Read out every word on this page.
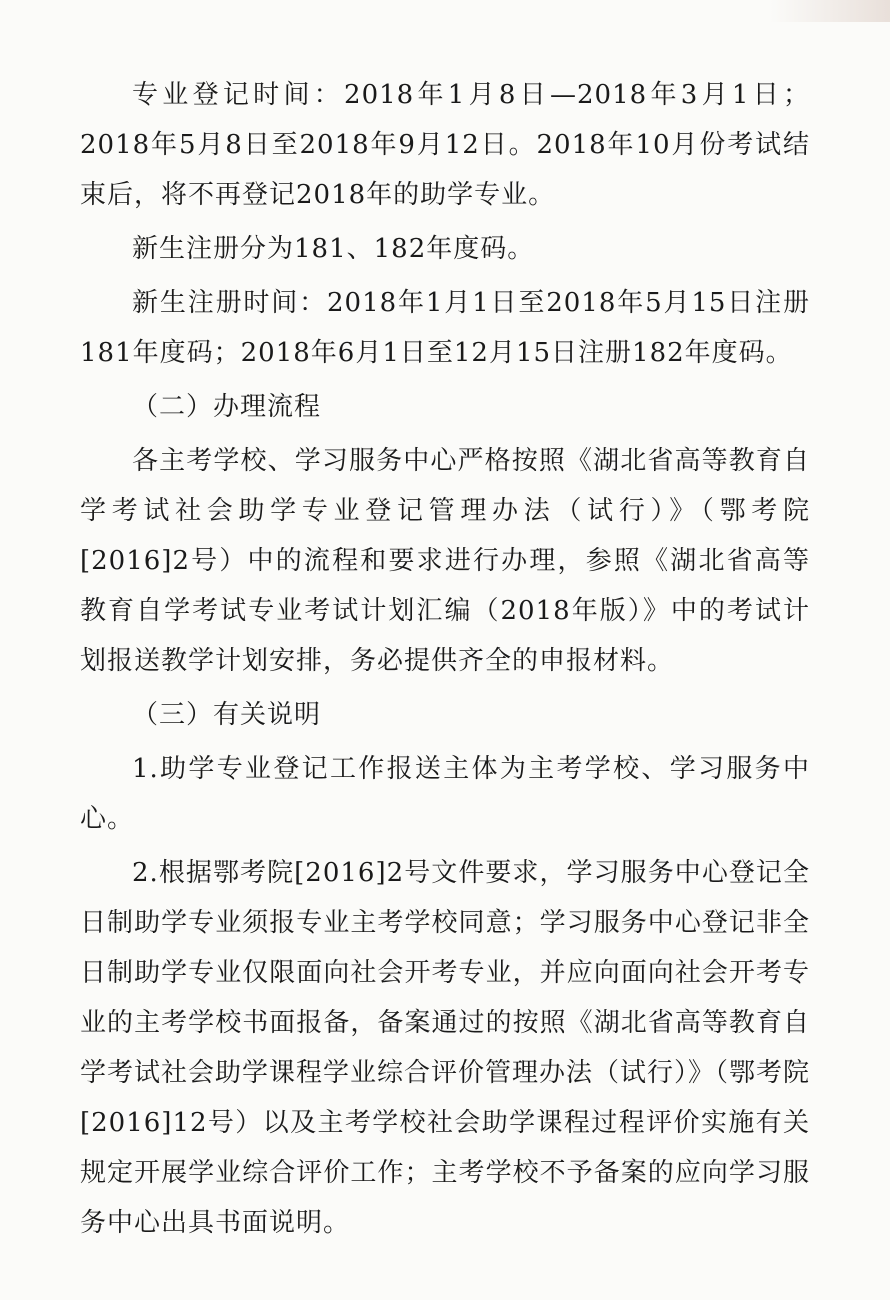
专业登记时间：2018年1月8日—2018年3月1日；2018年5月8日至2018年9月12日。2018年10月份考试结束后，将不再登记2018年的助学专业。

新生注册分为181、182年度码。

新生注册时间：2018年1月1日至2018年5月15日注册181年度码；2018年6月1日至12月15日注册182年度码。

（二）办理流程

各主考学校、学习服务中心严格按照《湖北省高等教育自学考试社会助学专业登记管理办法（试行）》（鄂考院[2016]2号）中的流程和要求进行办理，参照《湖北省高等教育自学考试专业考试计划汇编（2018年版）》中的考试计划报送教学计划安排，务必提供齐全的申报材料。

（三）有关说明

1.助学专业登记工作报送主体为主考学校、学习服务中心。

2.根据鄂考院[2016]2号文件要求，学习服务中心登记全日制助学专业须报专业主考学校同意；学习服务中心登记非全日制助学专业仅限面向社会开考专业，并应向面向社会开考专业的主考学校书面报备，备案通过的按照《湖北省高等教育自学考试社会助学课程学业综合评价管理办法（试行）》（鄂考院[2016]12号）以及主考学校社会助学课程过程评价实施有关规定开展学业综合评价工作；主考学校不予备案的应向学习服务中心出具书面说明。
